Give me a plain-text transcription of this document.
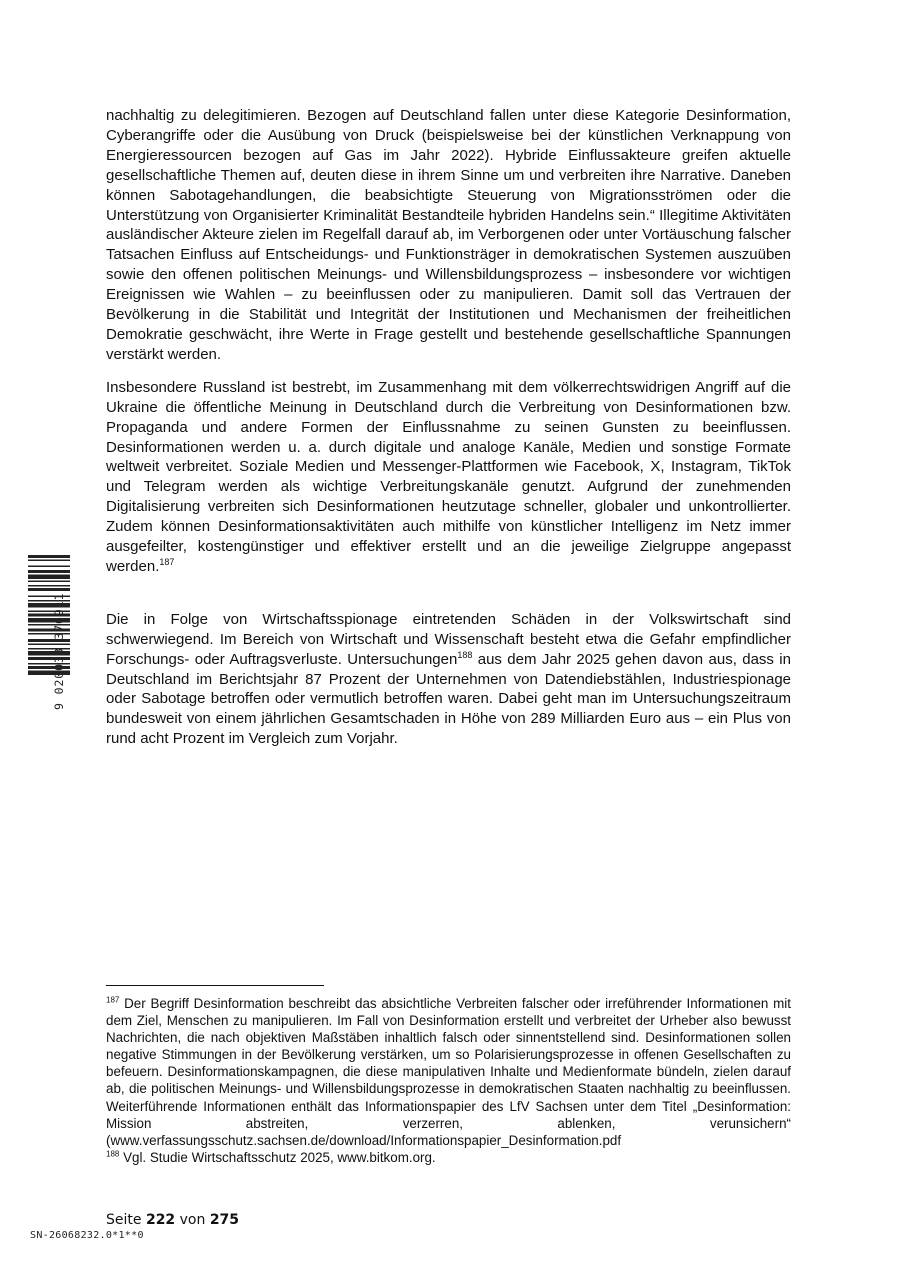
nachhaltig zu delegitimieren. Bezogen auf Deutschland fallen unter diese Kategorie Desinformation, Cyberangriffe oder die Ausübung von Druck (beispielsweise bei der künstlichen Verknappung von Energieressourcen bezogen auf Gas im Jahr 2022). Hybride Einflussakteure greifen aktuelle gesellschaftliche Themen auf, deuten diese in ihrem Sinne um und verbreiten ihre Narrative. Daneben können Sabotagehandlungen, die beabsichtigte Steuerung von Migrationsströmen oder die Unterstützung von Organisierter Kriminalität Bestandteile hybriden Handelns sein.“ Illegitime Aktivitäten ausländischer Akteure zielen im Regelfall darauf ab, im Verborgenen oder unter Vortäuschung falscher Tatsachen Einfluss auf Entscheidungs- und Funktionsträger in demokratischen Systemen auszuüben sowie den offenen politischen Meinungs- und Willensbildungsprozess – insbesondere vor wichtigen Ereignissen wie Wahlen – zu beeinflussen oder zu manipulieren. Damit soll das Vertrauen der Bevölkerung in die Stabilität und Integrität der Institutionen und Mechanismen der freiheitlichen Demokratie geschwächt, ihre Werte in Frage gestellt und bestehende gesellschaftliche Spannungen verstärkt werden.

Insbesondere Russland ist bestrebt, im Zusammenhang mit dem völkerrechtswidrigen Angriff auf die Ukraine die öffentliche Meinung in Deutschland durch die Verbreitung von Desinformationen bzw. Propaganda und andere Formen der Einflussnahme zu seinen Gunsten zu beeinflussen. Desinformationen werden u. a. durch digitale und analoge Kanäle, Medien und sonstige Formate weltweit verbreitet. Soziale Medien und Messenger-Plattformen wie Facebook, X, Instagram, TikTok und Telegram werden als wichtige Verbreitungskanäle genutzt. Aufgrund der zunehmenden Digitalisierung verbreiten sich Desinformationen heutzutage schneller, globaler und unkontrollierter. Zudem können Desinformationsaktivitäten auch mithilfe von künstlicher Intelligenz im Netz immer ausgefeilter, kostengünstiger und effektiver erstellt und an die jeweilige Zielgruppe angepasst werden.$^{187}$

Die in Folge von Wirtschaftsspionage eintretenden Schäden in der Volkswirtschaft sind schwerwiegend. Im Bereich von Wirtschaft und Wissenschaft besteht etwa die Gefahr empfindlicher Forschungs- oder Auftragsverluste. Untersuchungen$^{188}$ aus dem Jahr 2025 gehen davon aus, dass in Deutschland im Berichtsjahr 87 Prozent der Unternehmen von Datendiebstählen, Industriespionage oder Sabotage betroffen oder vermutlich betroffen waren. Dabei geht man im Untersuchungszeitraum bundesweit von einem jährlichen Gesamtschaden in Höhe von 289 Milliarden Euro aus – ein Plus von rund acht Prozent im Vergleich zum Vorjahr.

$^{187}$ Der Begriff Desinformation beschreibt das absichtliche Verbreiten falscher oder irreführender Informationen mit dem Ziel, Menschen zu manipulieren. Im Fall von Desinformation erstellt und verbreitet der Urheber also bewusst Nachrichten, die nach objektiven Maßstäben inhaltlich falsch oder sinnentstellend sind. Desinformationen sollen negative Stimmungen in der Bevölkerung verstärken, um so Polarisierungsprozesse in offenen Gesellschaften zu befeuern. Desinformationskampagnen, die diese manipulativen Inhalte und Medienformate bündeln, zielen darauf ab, die politischen Meinungs- und Willensbildungsprozesse in demokratischen Staaten nachhaltig zu beeinflussen. Weiterführende Informationen enthält das Informationspapier des LfV Sachsen unter dem Titel „Desinformation: Mission abstreiten, verzerren, ablenken, verunsichern“ (www.verfassungsschutz.sachsen.de/download/Informationspapier_Desinformation.pdf

$^{188}$ Vgl. Studie Wirtschaftsschutz 2025, www.bitkom.org.

9 020033 376911
Seite 222 von 275
SN-26068232.0*1**0
